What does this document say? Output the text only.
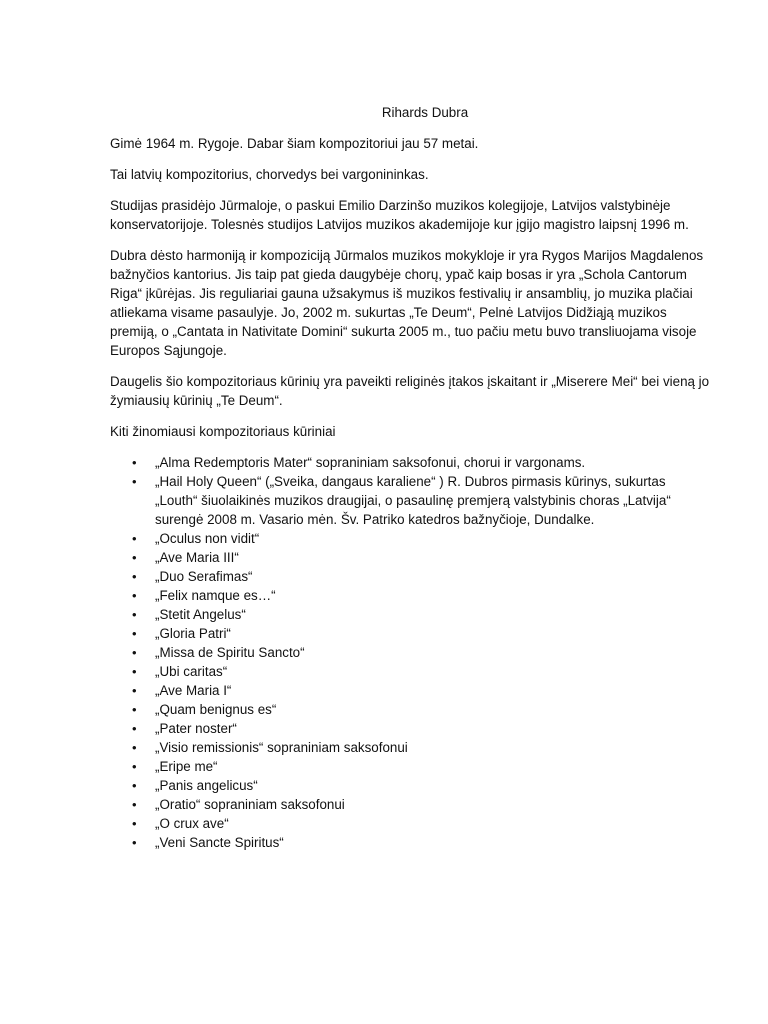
Rihards Dubra

Gimė 1964 m. Rygoje. Dabar šiam kompozitoriui jau 57 metai.

Tai latvių kompozitorius, chorvedys bei vargonininkas.

Studijas prasidėjo Jūrmaloje, o paskui Emilio Darzinšo muzikos kolegijoje, Latvijos valstybinėje konservatorijoje. Tolesnės studijos Latvijos muzikos akademijoje kur įgijo magistro laipsnį 1996 m.

Dubra dėsto harmoniją ir kompoziciją Jūrmalos muzikos mokykloje ir yra Rygos Marijos Magdalenos bažnyčios kantorius. Jis taip pat gieda daugybėje chorų, ypač kaip bosas ir yra „Schola Cantorum Riga“ įkūrėjas. Jis reguliariai gauna užsakymus iš muzikos festivalių ir ansamblių, jo muzika plačiai atliekama visame pasaulyje. Jo, 2002 m. sukurtas „Te Deum“, Pelnė Latvijos Didžiąją muzikos premiją, o „Cantata in Nativitate Domini“ sukurta 2005 m., tuo pačiu metu buvo transliuojama visoje Europos Sąjungoje.

Daugelis šio kompozitoriaus kūrinių yra paveikti religinės įtakos įskaitant ir „Miserere Mei“ bei vieną jo žymiausių kūrinių „Te Deum“.

Kiti žinomiausi kompozitoriaus kūriniai
• „Alma Redemptoris Mater“ sopraniniam saksofonui, chorui ir vargonams.
• „Hail Holy Queen“ („Sveika, dangaus karaliene“ ) R. Dubros pirmasis kūrinys, sukurtas „Louth“ šiuolaikinės muzikos draugijai, o pasaulinę premjerą valstybinis choras „Latvija“ surengė 2008 m. Vasario mėn. Šv. Patriko katedros bažnyčioje, Dundalke.
• „Oculus non vidit“
• „Ave Maria III“
• „Duo Serafimas“
• „Felix namque es…“
• „Stetit Angelus“
• „Gloria Patri“
• „Missa de Spiritu Sancto“
• „Ubi caritas“
• „Ave Maria I“
• „Quam benignus es“
• „Pater noster“
• „Visio remissionis“ sopraniniam saksofonui
• „Eripe me“
• „Panis angelicus“
• „Oratio“ sopraniniam saksofonui
• „O crux ave“
• „Veni Sancte Spiritus“
